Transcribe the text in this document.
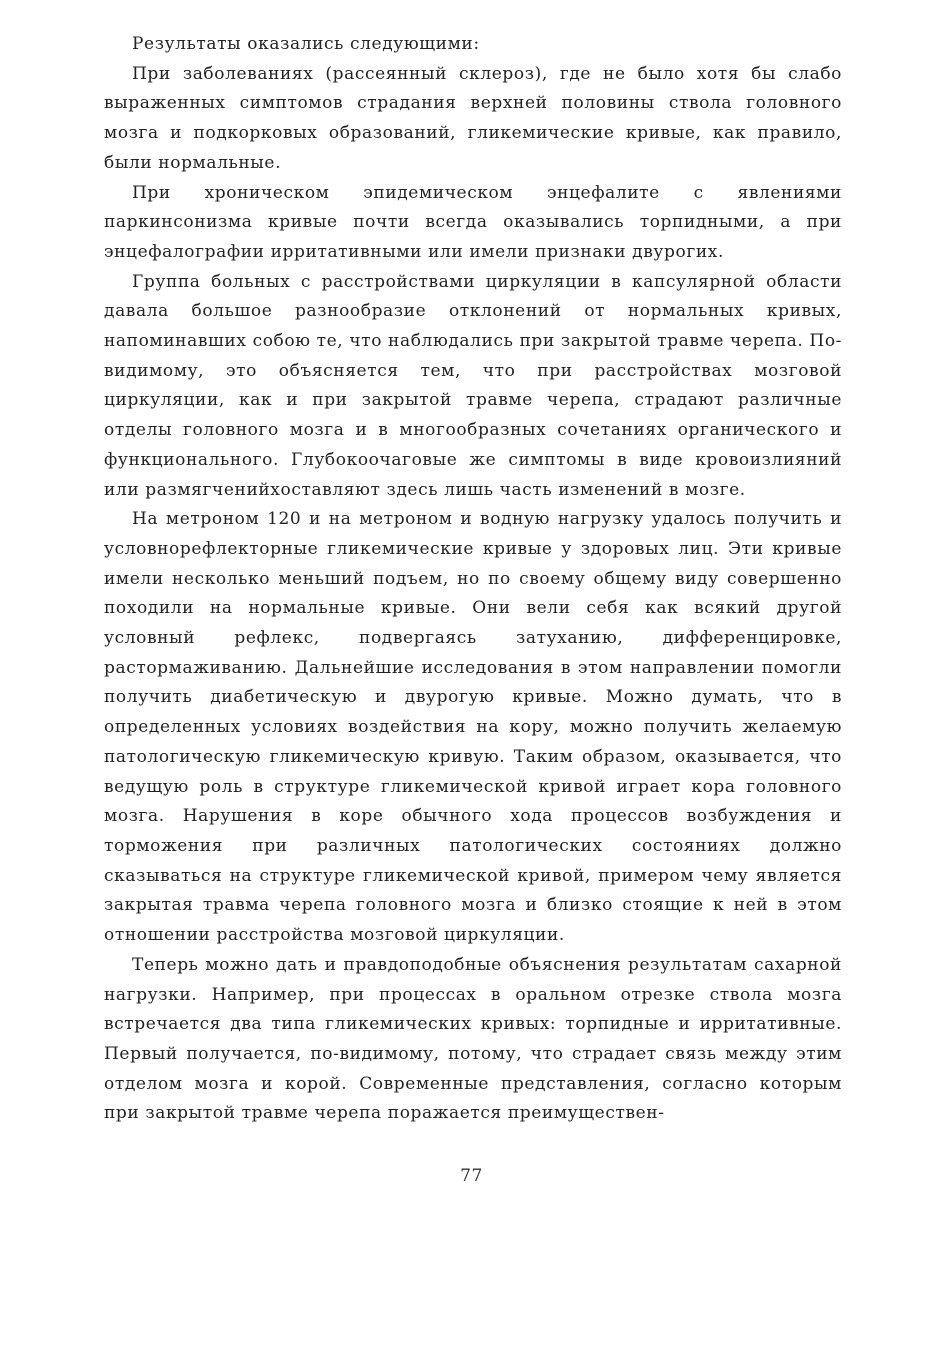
Результаты оказались следующими:

При заболеваниях (рассеянный склероз), где не было хотя бы слабо выраженных симптомов страдания верхней половины ствола головного мозга и подкорковых образований, гликемические кривые, как правило, были нормальные.

При хроническом эпидемическом энцефалите с явлениями паркинсонизма кривые почти всегда оказывались торпидными, а при энцефалографии ирритативными или имели признаки двурогих.

Группа больных с расстройствами циркуляции в капсулярной области давала большое разнообразие отклонений от нормальных кривых, напоминавших собою те, что наблюдались при закрытой травме черепа. По-видимому, это объясняется тем, что при расстройствах мозговой циркуляции, как и при закрытой травме черепа, страдают различные отделы головного мозга и в многообразных сочетаниях органического и функционального. Глубокоочаговые же симптомы в виде кровоизлияний или размягченийхоставляют здесь лишь часть изменений в мозге.

На метроном 120 и на метроном и водную нагрузку удалось получить и условнорефлекторные гликемические кривые у здоровых лиц. Эти кривые имели несколько меньший подъем, но по своему общему виду совершенно походили на нормальные кривые. Они вели себя как всякий другой условный рефлекс, подвергаясь затуханию, дифференцировке, растормаживанию. Дальнейшие исследования в этом направлении помогли получить диабетическую и двурогую кривые. Можно думать, что в определенных условиях воздействия на кору, можно получить желаемую патологическую гликемическую кривую. Таким образом, оказывается, что ведущую роль в структуре гликемической кривой играет кора головного мозга. Нарушения в коре обычного хода процессов возбуждения и торможения при различных патологических состояниях должно сказываться на структуре гликемической кривой, примером чему является закрытая травма черепа головного мозга и близко стоящие к ней в этом отношении расстройства мозговой циркуляции.

Теперь можно дать и правдоподобные объяснения результатам сахарной нагрузки. Например, при процессах в оральном отрезке ствола мозга встречается два типа гликемических кривых: торпидные и ирритативные. Первый получается, по-видимому, потому, что страдает связь между этим отделом мозга и корой. Современные представления, согласно которым при закрытой травме черепа поражается преимуществен-

77
